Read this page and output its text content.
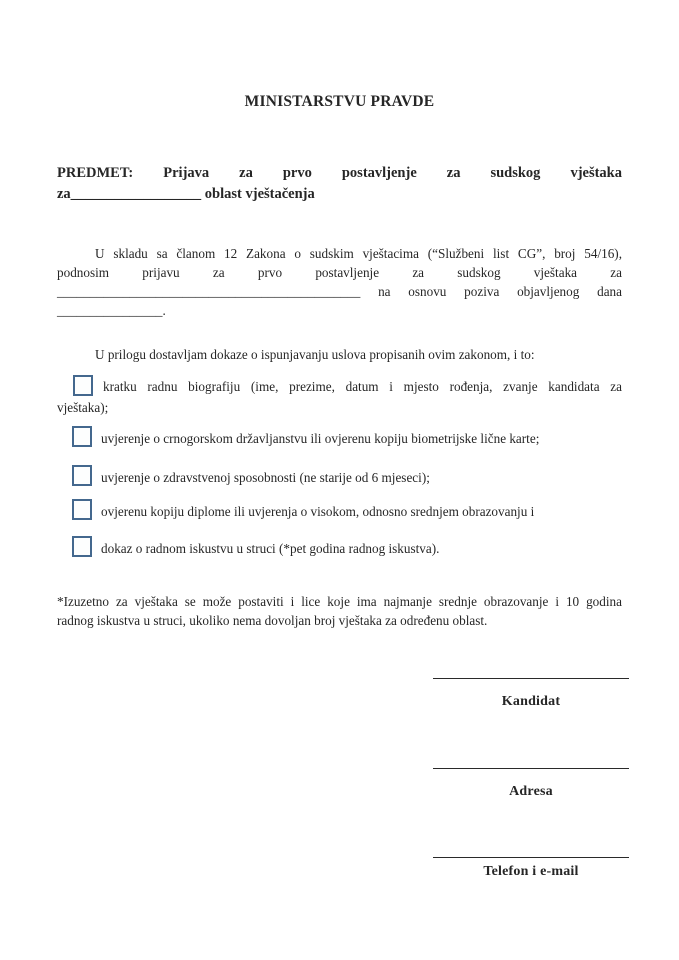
MINISTARSTVU PRAVDE
PREDMET: Prijava za prvo postavljenje za sudskog vještaka
za__________________ oblast vještačenja
U skladu sa članom 12 Zakona o sudskim vještacima (“Službeni list CG”, broj 54/16),
podnosim prijavu za prvo postavljenje za sudskog vještaka za
______________________________________________ na osnovu poziva objavljenog dana
________________.
U prilogu dostavljam dokaze o ispunjavanju uslova propisanih ovim zakonom, i to:
kratku radnu biografiju (ime, prezime, datum i mjesto rođenja, zvanje kandidata za
vještaka);
uvjerenje o crnogorskom državljanstvu ili ovjerenu kopiju biometrijske lične karte;
uvjerenje o zdravstvenoj sposobnosti (ne starije od 6 mjeseci);
ovjerenu kopiju diplome ili uvjerenja o visokom, odnosno srednjem obrazovanju i
dokaz o radnom iskustvu u struci (*pet godina radnog iskustva).
*Izuzetno za vještaka se može postaviti i lice koje ima najmanje srednje obrazovanje i 10 godina
radnog iskustva u struci, ukoliko nema dovoljan broj vještaka za određenu oblast.
Kandidat
Adresa
Telefon i e-mail
